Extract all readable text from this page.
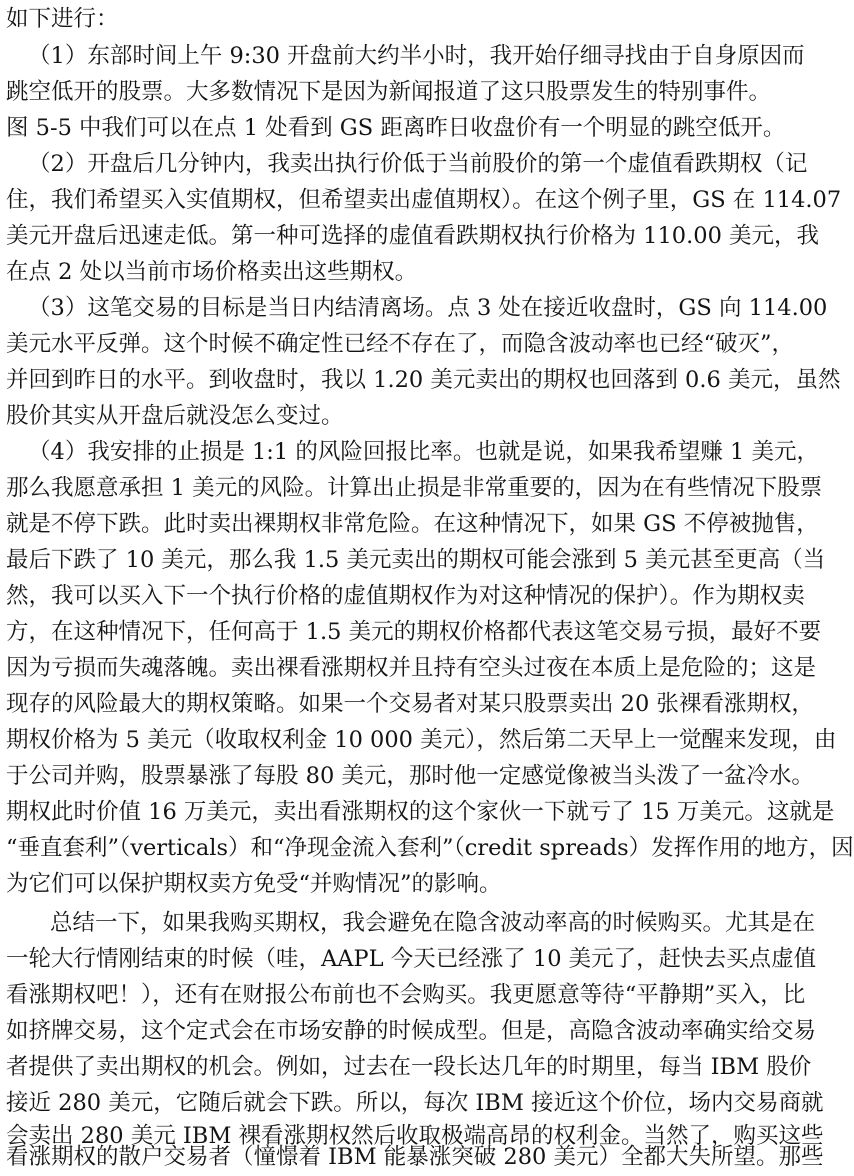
如下进行：
（1）东部时间上午 9:30 开盘前大约半小时，我开始仔细寻找由于自身原因而
跳空低开的股票。大多数情况下是因为新闻报道了这只股票发生的特别事件。
图 5-5 中我们可以在点 1 处看到 GS 距离昨日收盘价有一个明显的跳空低开。
（2）开盘后几分钟内，我卖出执行价低于当前股价的第一个虚值看跌期权（记
住，我们希望买入实值期权，但希望卖出虚值期权）。在这个例子里，GS 在 114.07
美元开盘后迅速走低。第一种可选择的虚值看跌期权执行价格为 110.00 美元，我
在点 2 处以当前市场价格卖出这些期权。
（3）这笔交易的目标是当日内结清离场。点 3 处在接近收盘时，GS 向 114.00
美元水平反弹。这个时候不确定性已经不存在了，而隐含波动率也已经“破灭”，
并回到昨日的水平。到收盘时，我以 1.20 美元卖出的期权也回落到 0.6 美元，虽然
股价其实从开盘后就没怎么变过。
（4）我安排的止损是 1:1 的风险回报比率。也就是说，如果我希望赚 1 美元，
那么我愿意承担 1 美元的风险。计算出止损是非常重要的，因为在有些情况下股票
就是不停下跌。此时卖出裸期权非常危险。在这种情况下，如果 GS 不停被抛售，
最后下跌了 10 美元，那么我 1.5 美元卖出的期权可能会涨到 5 美元甚至更高（当
然，我可以买入下一个执行价格的虚值期权作为对这种情况的保护）。作为期权卖
方，在这种情况下，任何高于 1.5 美元的期权价格都代表这笔交易亏损，最好不要
因为亏损而失魂落魄。卖出裸看涨期权并且持有空头过夜在本质上是危险的；这是
现存的风险最大的期权策略。如果一个交易者对某只股票卖出 20 张裸看涨期权，
期权价格为 5 美元（收取权利金 10 000 美元），然后第二天早上一觉醒来发现，由
于公司并购，股票暴涨了每股 80 美元，那时他一定感觉像被当头泼了一盆冷水。
期权此时价值 16 万美元，卖出看涨期权的这个家伙一下就亏了 15 万美元。这就是
“垂直套利”（verticals）和“净现金流入套利”（credit spreads）发挥作用的地方，因
为它们可以保护期权卖方免受“并购情况”的影响。
总结一下，如果我购买期权，我会避免在隐含波动率高的时候购买。尤其是在
一轮大行情刚结束的时候（哇，AAPL 今天已经涨了 10 美元了，赶快去买点虚值
看涨期权吧！），还有在财报公布前也不会购买。我更愿意等待“平静期”买入，比
如挤牌交易，这个定式会在市场安静的时候成型。但是，高隐含波动率确实给交易
者提供了卖出期权的机会。例如，过去在一段长达几年的时期里，每当 IBM 股价
接近 280 美元，它随后就会下跌。所以，每次 IBM 接近这个价位，场内交易商就
会卖出 280 美元 IBM 裸看涨期权然后收取极端高昂的权利金。当然了，购买这些
看涨期权的散户交易者（憧憬着 IBM 能暴涨突破 280 美元）全都大失所望。那些
